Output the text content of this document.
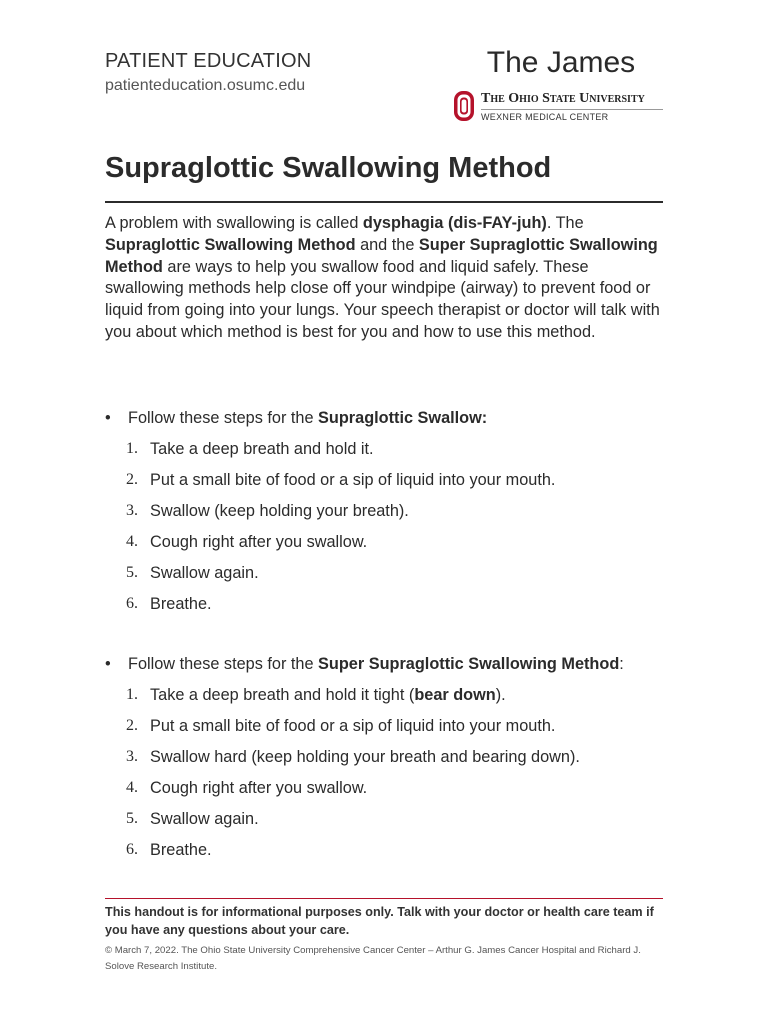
PATIENT EDUCATION
patienteducation.osumc.edu
The James
The Ohio State University
WEXNER MEDICAL CENTER
Supraglottic Swallowing Method

A problem with swallowing is called dysphagia (dis-FAY-juh). The Supraglottic Swallowing Method and the Super Supraglottic Swallowing Method are ways to help you swallow food and liquid safely. These swallowing methods help close off your windpipe (airway) to prevent food or liquid from going into your lungs. Your speech therapist or doctor will talk with you about which method is best for you and how to use this method.

• Follow these steps for the Supraglottic Swallow:
1. Take a deep breath and hold it.
2. Put a small bite of food or a sip of liquid into your mouth.
3. Swallow (keep holding your breath).
4. Cough right after you swallow.
5. Swallow again.
6. Breathe.
• Follow these steps for the Super Supraglottic Swallowing Method:
1. Take a deep breath and hold it tight (bear down).
2. Put a small bite of food or a sip of liquid into your mouth.
3. Swallow hard (keep holding your breath and bearing down).
4. Cough right after you swallow.
5. Swallow again.
6. Breathe.

This handout is for informational purposes only. Talk with your doctor or health care team if you have any questions about your care.

© March 7, 2022. The Ohio State University Comprehensive Cancer Center – Arthur G. James Cancer Hospital and Richard J. Solove Research Institute.
